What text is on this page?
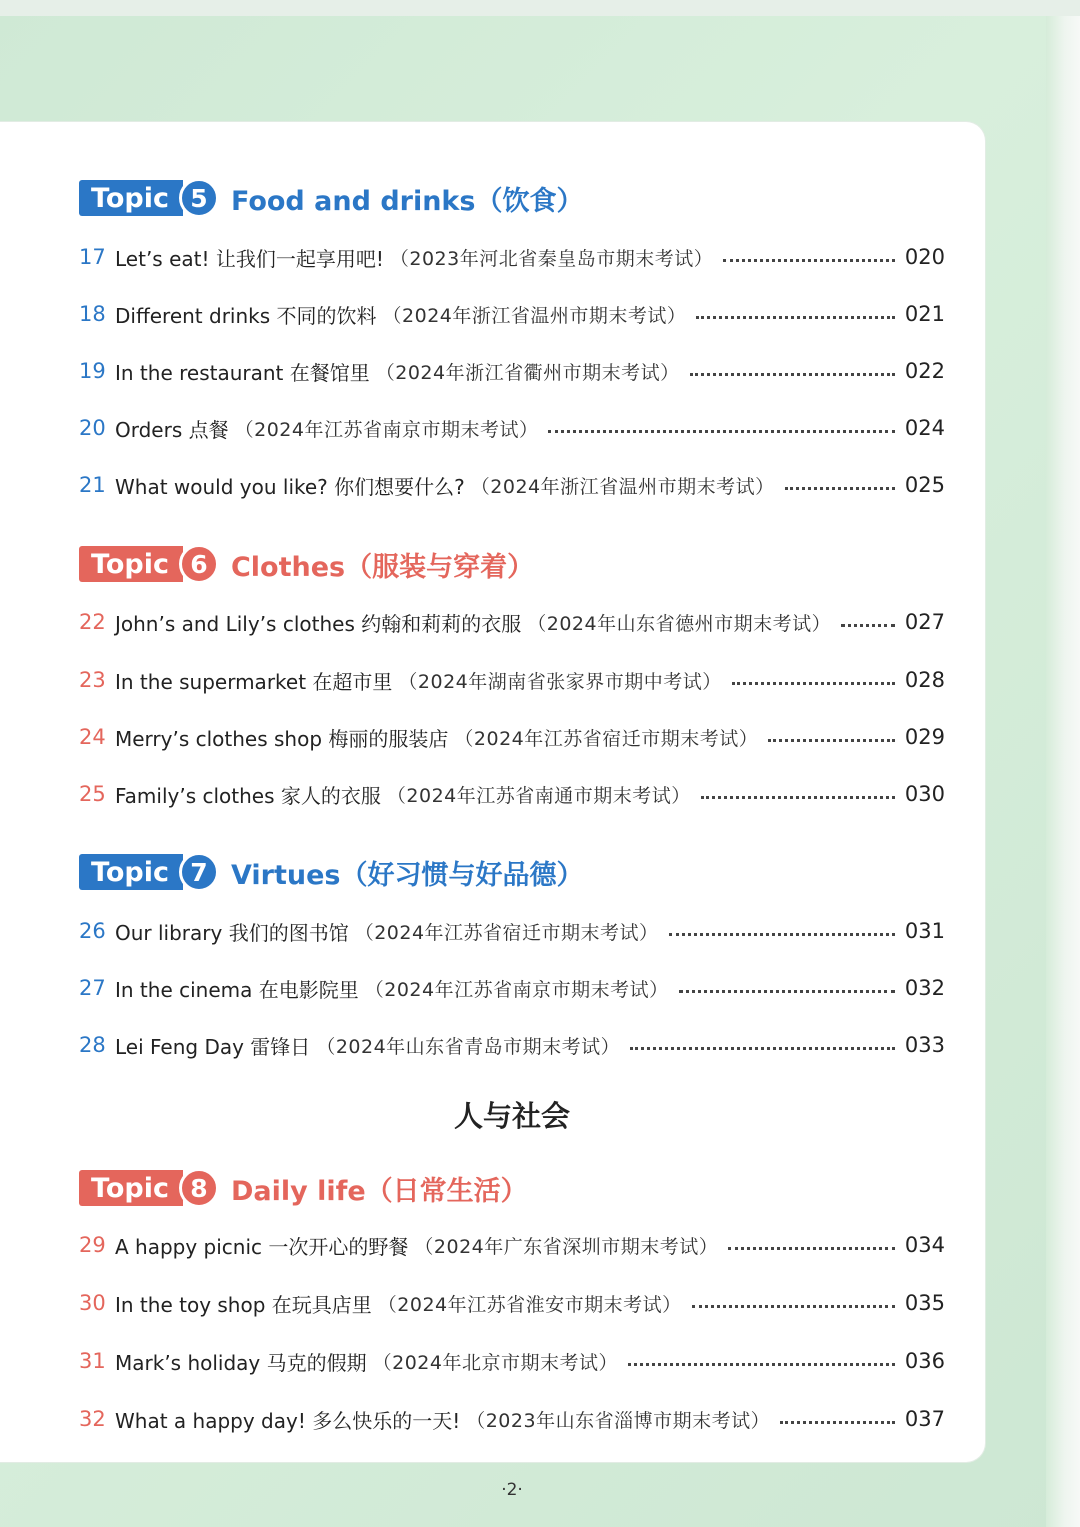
Topic 5 Food and drinks（饮食）
17 Let’s eat! 让我们一起享用吧! （2023年河北省秦皇岛市期末考试）	020
18 Different drinks 不同的饮料 （2024年浙江省温州市期末考试）	021
19 In the restaurant 在餐馆里 （2024年浙江省衢州市期末考试）	022
20 Orders 点餐 （2024年江苏省南京市期末考试）	024
21 What would you like? 你们想要什么? （2024年浙江省温州市期末考试）	025
Topic 6 Clothes（服装与穿着）
22 John’s and Lily’s clothes 约翰和莉莉的衣服 （2024年山东省德州市期末考试）	027
23 In the supermarket 在超市里 （2024年湖南省张家界市期中考试）	028
24 Merry’s clothes shop 梅丽的服装店 （2024年江苏省宿迁市期末考试）	029
25 Family’s clothes 家人的衣服 （2024年江苏省南通市期末考试）	030
Topic 7 Virtues（好习惯与好品德）
26 Our library 我们的图书馆 （2024年江苏省宿迁市期末考试）	031
27 In the cinema 在电影院里 （2024年江苏省南京市期末考试）	032
28 Lei Feng Day 雷锋日 （2024年山东省青岛市期末考试）	033
人与社会
Topic 8 Daily life（日常生活）
29 A happy picnic 一次开心的野餐 （2024年广东省深圳市期末考试）	034
30 In the toy shop 在玩具店里 （2024年江苏省淮安市期末考试）	035
31 Mark’s holiday 马克的假期 （2024年北京市期末考试）	036
32 What a happy day! 多么快乐的一天! （2023年山东省淄博市期末考试）	037
·2·
